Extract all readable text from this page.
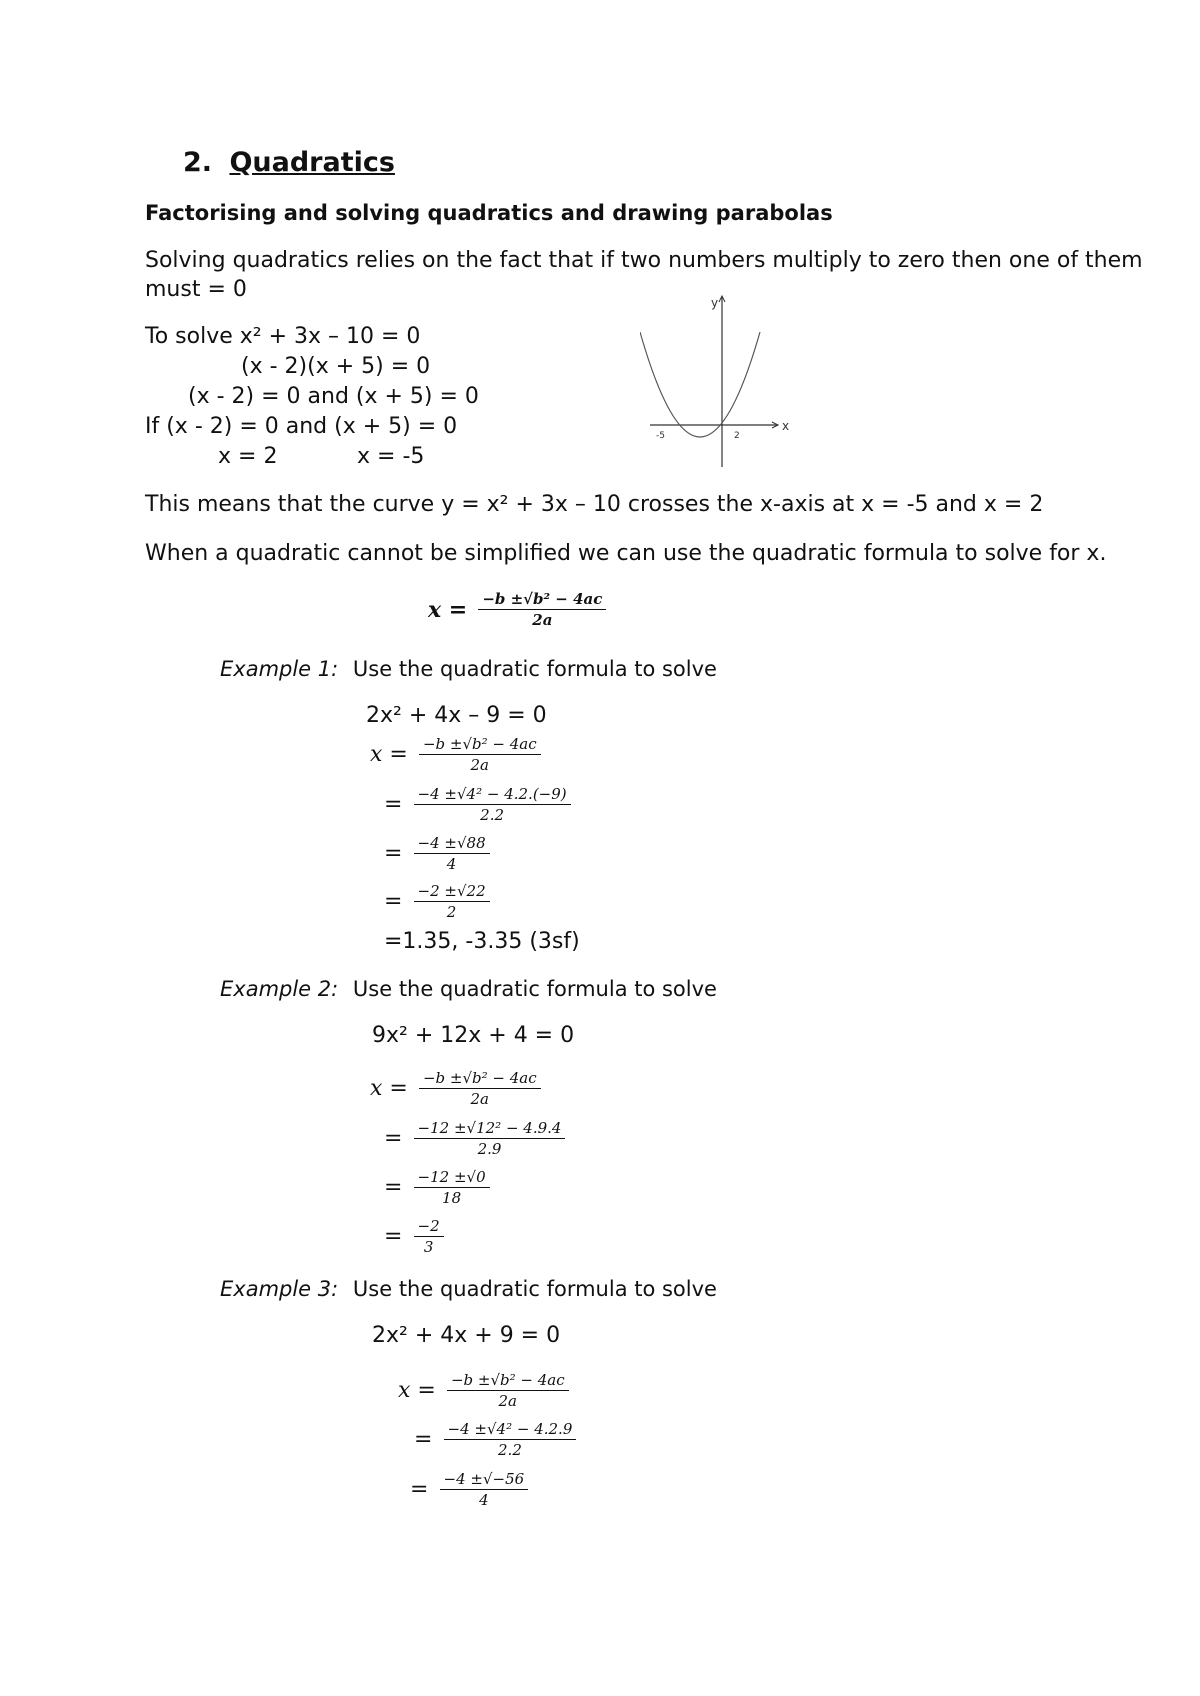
2. Quadratics
Factorising and solving quadratics and drawing parabolas
Solving quadratics relies on the fact that if two numbers multiply to zero then one of them
must = 0
To solve x² + 3x – 10 = 0
(x - 2)(x + 5) = 0
(x - 2) = 0 and (x + 5) = 0
If (x - 2) = 0 and (x + 5) = 0
x = 2	x = -5
y
x
-5	2
This means that the curve y = x² + 3x – 10 crosses the x-axis at x = -5 and x = 2
When a quadratic cannot be simplified we can use the quadratic formula to solve for x.
$x = \frac{\text{−b ±√b² − 4ac}}{2a}$
Example 1: Use the quadratic formula to solve
2x² + 4x – 9 = 0
$x = \frac{\text{−b ±√b² − 4ac}}{2a}$
= $\frac{\text{−4 ±√4² − 4.2.(−9)}}{2.2}$
= $\frac{-4 \pm√88}{4}$
= $\frac{-2 \pm√22}{2}$
=1.35, -3.35 (3sf)
Example 2: Use the quadratic formula to solve
9x² + 12x + 4 = 0
$x = \frac{\text{−b ±√b² − 4ac}}{2a}$
= $\frac{\text{−12 ±√12² − 4.9.4}}{2.9}$
= $\frac{-12 \pm√0}{18}$
= $\frac{-2}{3}$
Example 3: Use the quadratic formula to solve
2x² + 4x + 9 = 0
$x = \frac{\text{−b ±√b² − 4ac}}{2a}$
= $\frac{\text{−4 ±√4² − 4.2.9}}{2.2}$
= $\frac{-4 \pm√-56}{4}$
